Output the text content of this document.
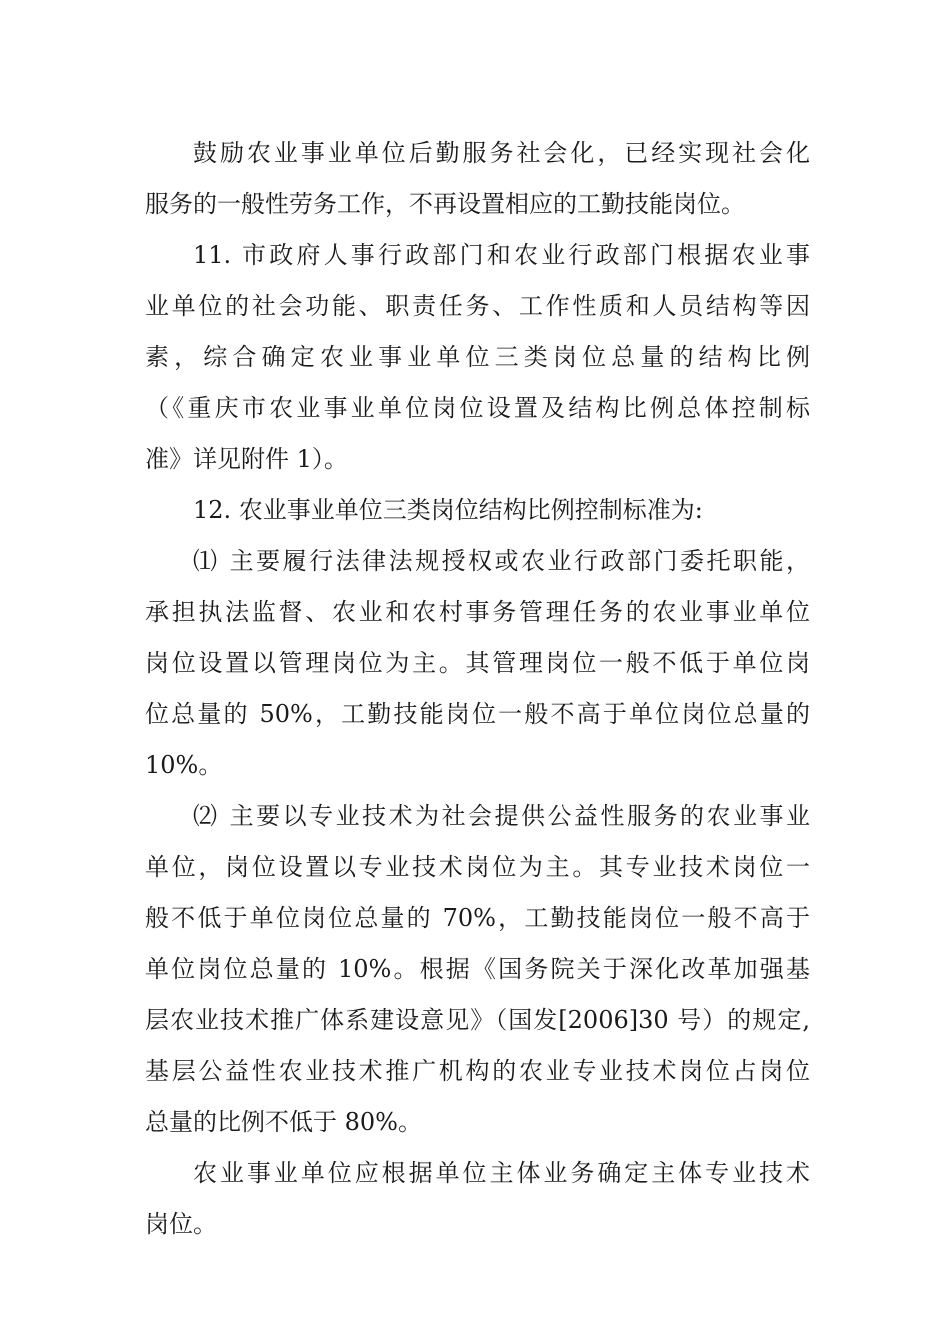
鼓励农业事业单位后勤服务社会化，已经实现社会化
服务的一般性劳务工作，不再设置相应的工勤技能岗位。
11. 市政府人事行政部门和农业行政部门根据农业事
业单位的社会功能、职责任务、工作性质和人员结构等因
素，综合确定农业事业单位三类岗位总量的结构比例
（《重庆市农业事业单位岗位设置及结构比例总体控制标
准》详见附件 1）。
12. 农业事业单位三类岗位结构比例控制标准为:
⑴ 主要履行法律法规授权或农业行政部门委托职能，
承担执法监督、农业和农村事务管理任务的农业事业单位
岗位设置以管理岗位为主。其管理岗位一般不低于单位岗
位总量的 50%，工勤技能岗位一般不高于单位岗位总量的
10%。
⑵ 主要以专业技术为社会提供公益性服务的农业事业
单位，岗位设置以专业技术岗位为主。其专业技术岗位一
般不低于单位岗位总量的 70%，工勤技能岗位一般不高于
单位岗位总量的 10%。根据《国务院关于深化改革加强基
层农业技术推广体系建设意见》（国发[2006]30 号）的规定,
基层公益性农业技术推广机构的农业专业技术岗位占岗位
总量的比例不低于 80%。
农业事业单位应根据单位主体业务确定主体专业技术
岗位。
